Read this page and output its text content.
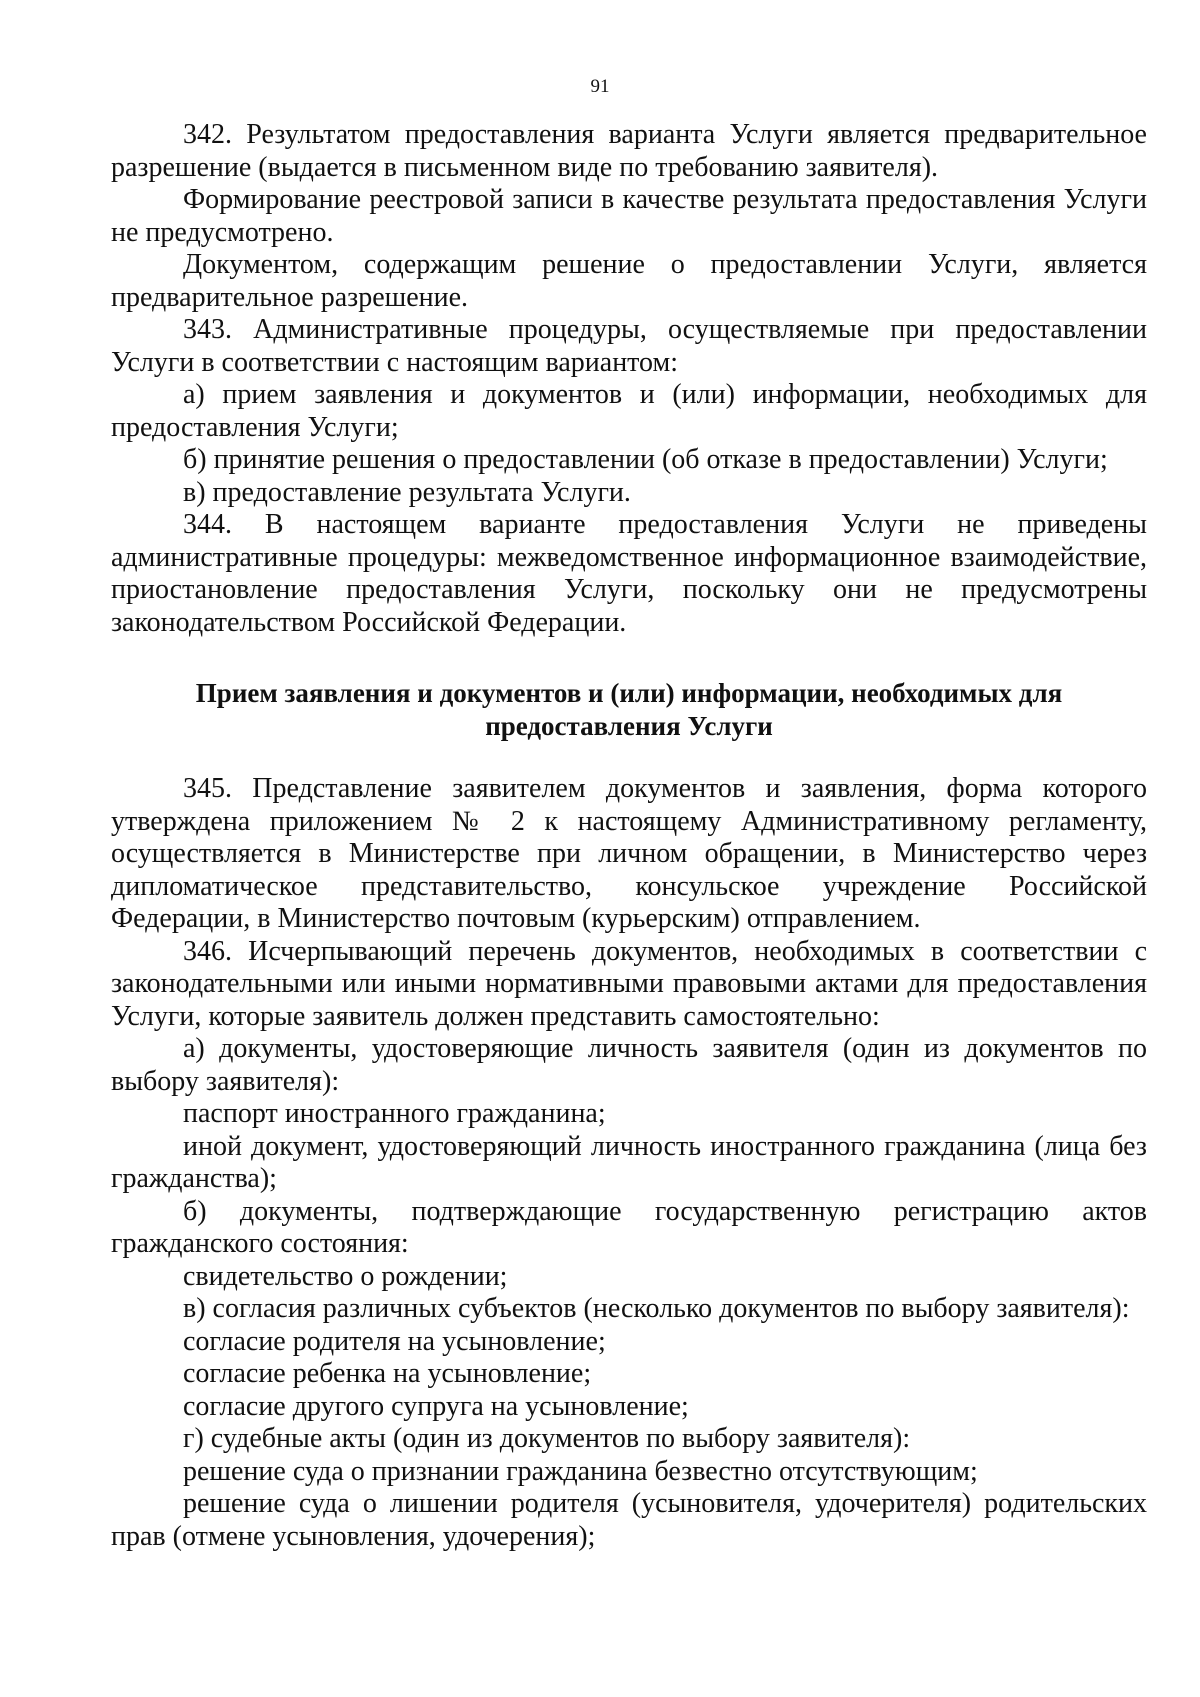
91

342. Результатом предоставления варианта Услуги является предварительное разрешение (выдается в письменном виде по требованию заявителя).

Формирование реестровой записи в качестве результата предоставления Услуги не предусмотрено.

Документом, содержащим решение о предоставлении Услуги, является предварительное разрешение.

343. Административные процедуры, осуществляемые при предоставлении Услуги в соответствии с настоящим вариантом:

а) прием заявления и документов и (или) информации, необходимых для предоставления Услуги;

б) принятие решения о предоставлении (об отказе в предоставлении) Услуги;

в) предоставление результата Услуги.

344. В настоящем варианте предоставления Услуги не приведены административные процедуры: межведомственное информационное взаимодействие, приостановление предоставления Услуги, поскольку они не предусмотрены законодательством Российской Федерации.

Прием заявления и документов и (или) информации, необходимых для
предоставления Услуги

345. Представление заявителем документов и заявления, форма которого утверждена приложением № 2 к настоящему Административному регламенту, осуществляется в Министерстве при личном обращении, в Министерство через дипломатическое представительство, консульское учреждение Российской Федерации, в Министерство почтовым (курьерским) отправлением.

346. Исчерпывающий перечень документов, необходимых в соответствии с законодательными или иными нормативными правовыми актами для предоставления Услуги, которые заявитель должен представить самостоятельно:

а) документы, удостоверяющие личность заявителя (один из документов по выбору заявителя):

паспорт иностранного гражданина;

иной документ, удостоверяющий личность иностранного гражданина (лица без гражданства);

б) документы, подтверждающие государственную регистрацию актов гражданского состояния:

свидетельство о рождении;

в) согласия различных субъектов (несколько документов по выбору заявителя):

согласие родителя на усыновление;

согласие ребенка на усыновление;

согласие другого супруга на усыновление;

г) судебные акты (один из документов по выбору заявителя):

решение суда о признании гражданина безвестно отсутствующим;

решение суда о лишении родителя (усыновителя, удочерителя) родительских прав (отмене усыновления, удочерения);
